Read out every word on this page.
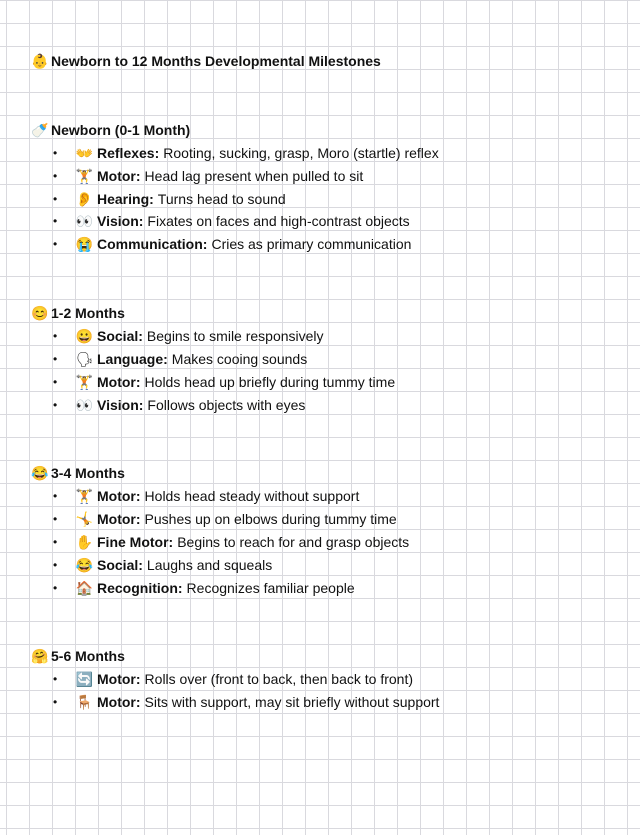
👶 Newborn to 12 Months Developmental Milestones
🍼 Newborn (0-1 Month)
•	👐 Reflexes: Rooting, sucking, grasp, Moro (startle) reflex
•	🏋 Motor: Head lag present when pulled to sit
•	👂 Hearing: Turns head to sound
•	👀 Vision: Fixates on faces and high-contrast objects
•	😭 Communication: Cries as primary communication
😊 1-2 Months
•	😀 Social: Begins to smile responsively
•	🗣 Language: Makes cooing sounds
•	🏋 Motor: Holds head up briefly during tummy time
•	👀 Vision: Follows objects with eyes
😂 3-4 Months
•	🏋 Motor: Holds head steady without support
•	🤸 Motor: Pushes up on elbows during tummy time
•	✋ Fine Motor: Begins to reach for and grasp objects
•	😂 Social: Laughs and squeals
•	🏠 Recognition: Recognizes familiar people
🤗 5-6 Months
•	🔄 Motor: Rolls over (front to back, then back to front)
•	🪑 Motor: Sits with support, may sit briefly without support
